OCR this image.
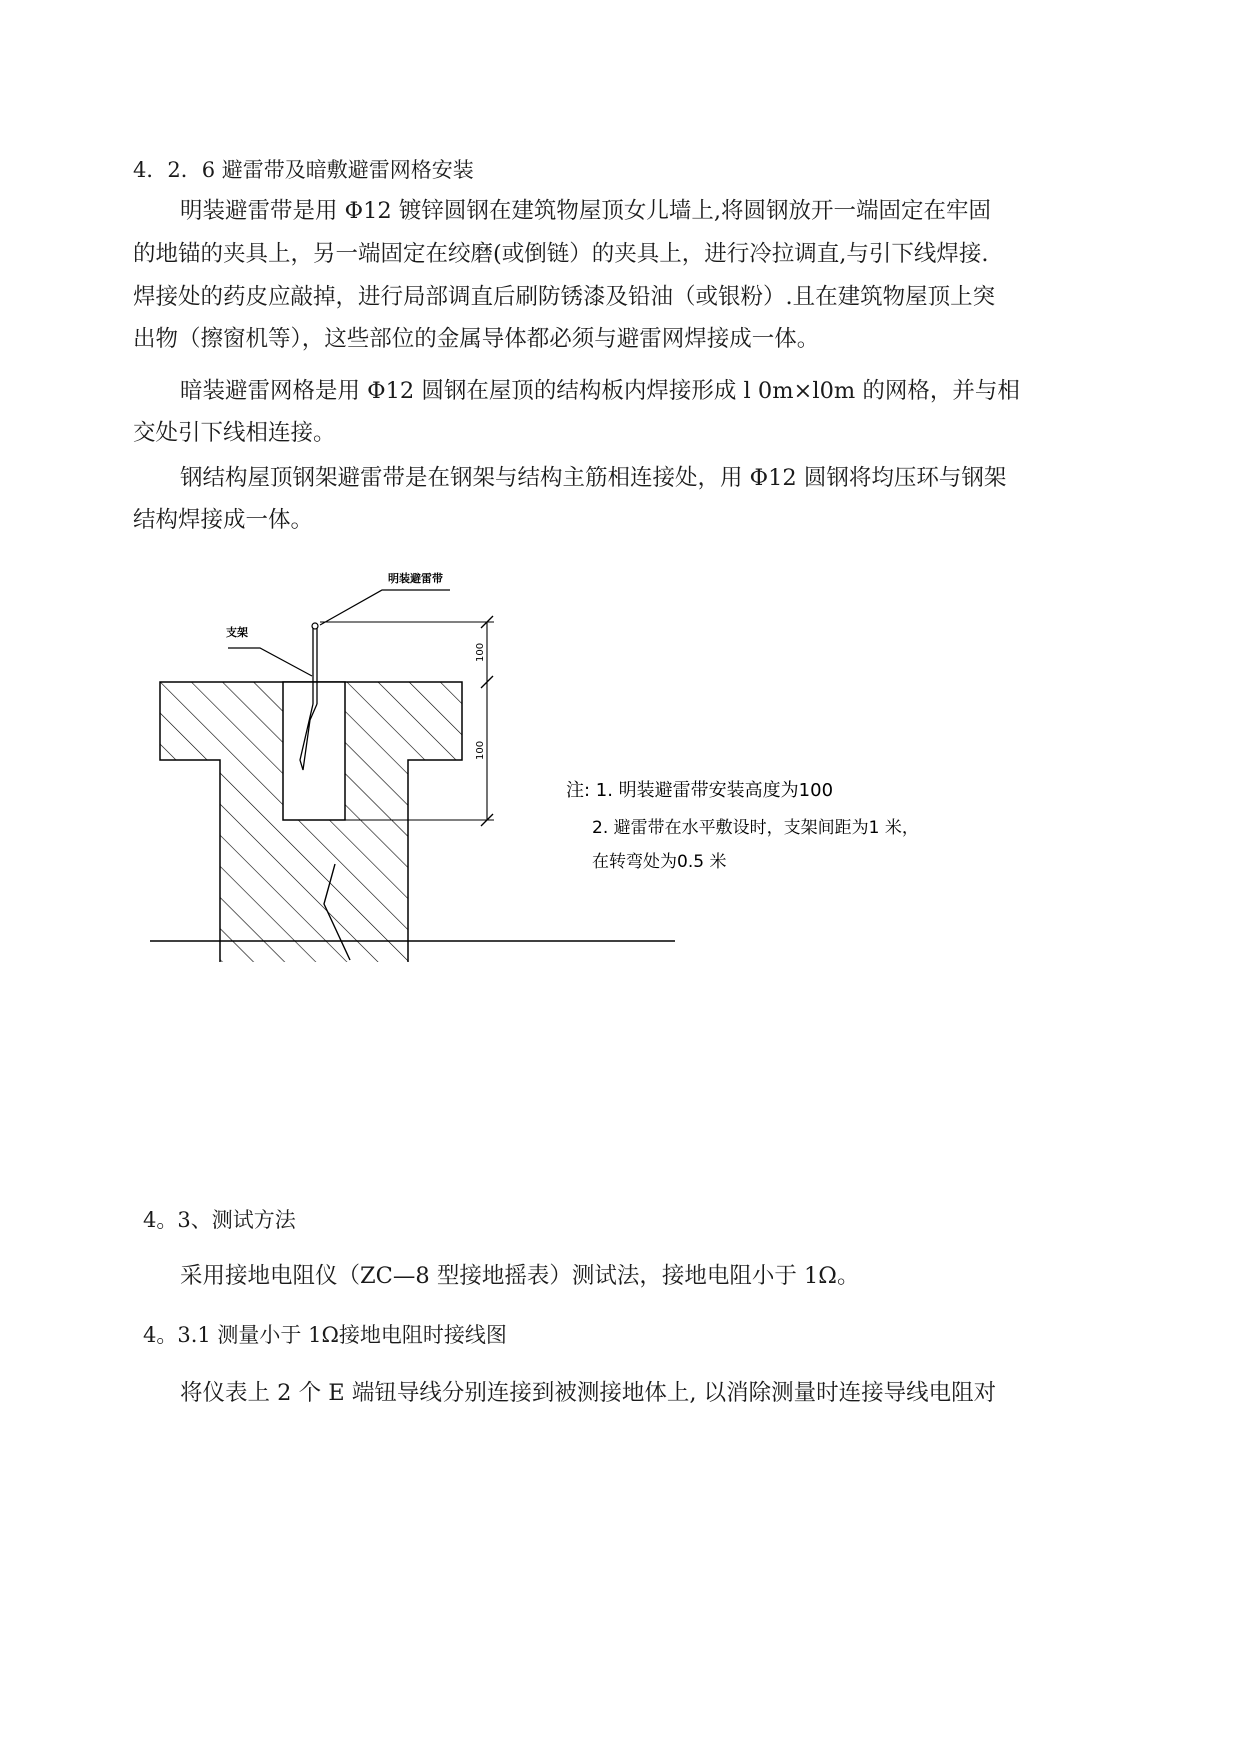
4．2．6 避雷带及暗敷避雷网格安装
明装避雷带是用 Φ12 镀锌圆钢在建筑物屋顶女儿墙上,将圆钢放开一端固定在牢固
的地锚的夹具上，另一端固定在绞磨(或倒链）的夹具上，进行冷拉调直,与引下线焊接.
焊接处的药皮应敲掉，进行局部调直后刷防锈漆及铅油（或银粉）.且在建筑物屋顶上突
出物（擦窗机等），这些部位的金属导体都必须与避雷网焊接成一体。
暗装避雷网格是用 Φ12 圆钢在屋顶的结构板内焊接形成 l 0m×l0m 的网格，并与相
交处引下线相连接。
钢结构屋顶钢架避雷带是在钢架与结构主筋相连接处，用 Φ12 圆钢将均压环与钢架
结构焊接成一体。
明装避雷带
支架
100
100
注: 1. 明装避雷带安装高度为100
2. 避雷带在水平敷设时，支架间距为1 米，
在转弯处为0.5 米
4。3、测试方法
采用接地电阻仪（ZC—8 型接地摇表）测试法，接地电阻小于 1Ω。
4。3.1 测量小于 1Ω接地电阻时接线图
将仪表上 2 个 E 端钮导线分别连接到被测接地体上, 以消除测量时连接导线电阻对
